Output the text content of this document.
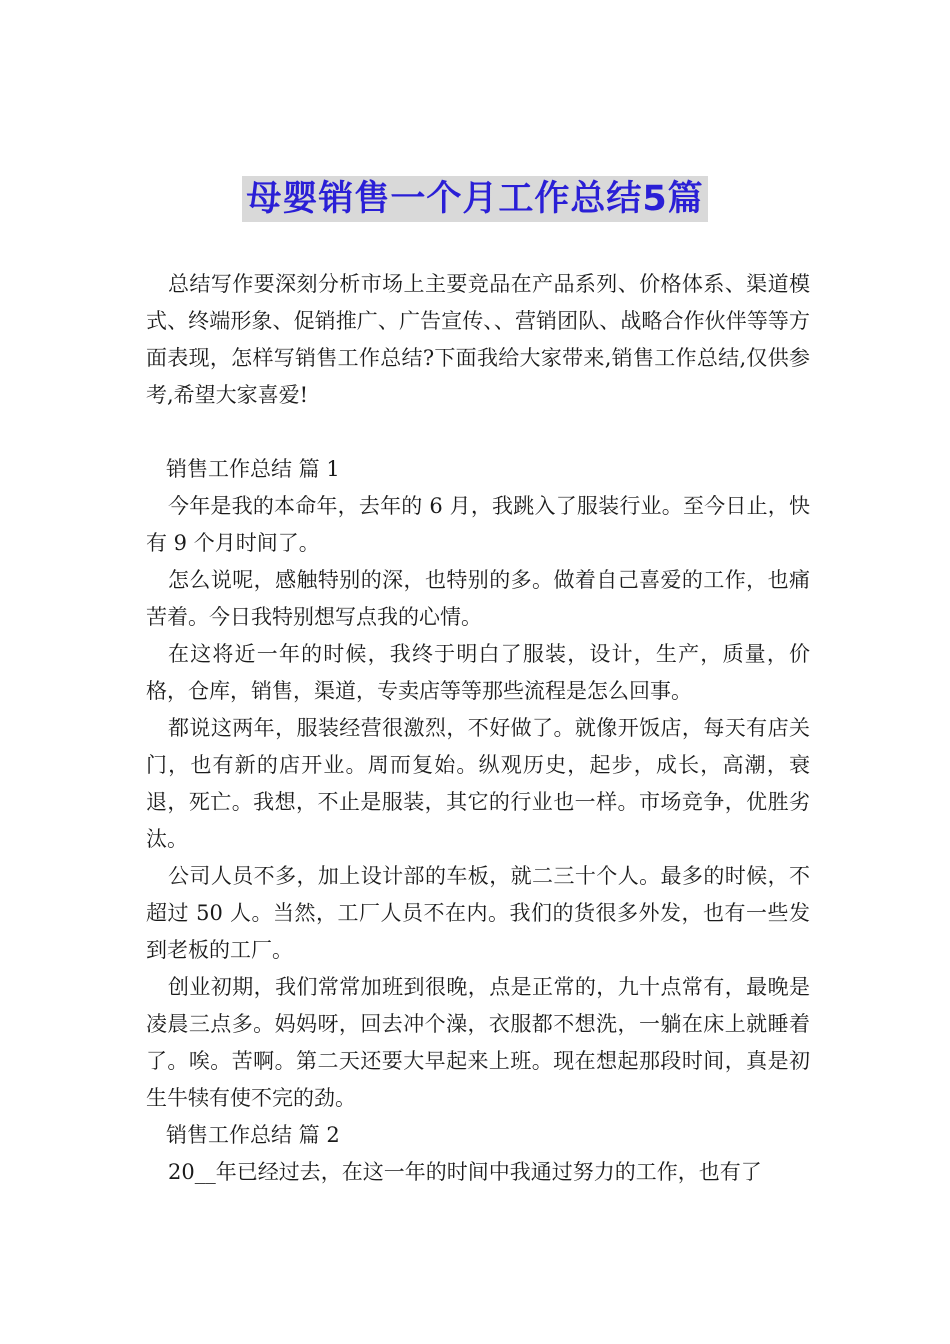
母婴销售一个月工作总结5篇

总结写作要深刻分析市场上主要竞品在产品系列、价格体系、渠道模式、终端形象、促销推广、广告宣传、、营销团队、战略合作伙伴等等方面表现，怎样写销售工作总结?下面我给大家带来,销售工作总结,仅供参考,希望大家喜爱!

销售工作总结 篇 1

今年是我的本命年，去年的 6 月，我跳入了服装行业。至今日止，快有 9 个月时间了。

怎么说呢，感触特别的深，也特别的多。做着自己喜爱的工作，也痛苦着。今日我特别想写点我的心情。

在这将近一年的时候，我终于明白了服装，设计，生产，质量，价格，仓库，销售，渠道，专卖店等等那些流程是怎么回事。

都说这两年，服装经营很激烈，不好做了。就像开饭店，每天有店关门，也有新的店开业。周而复始。纵观历史，起步，成长，高潮，衰退，死亡。我想，不止是服装，其它的行业也一样。市场竞争，优胜劣汰。

公司人员不多，加上设计部的车板，就二三十个人。最多的时候，不超过 50 人。当然，工厂人员不在内。我们的货很多外发，也有一些发到老板的工厂。

创业初期，我们常常加班到很晚，点是正常的，九十点常有，最晚是凌晨三点多。妈妈呀，回去冲个澡，衣服都不想洗，一躺在床上就睡着了。唉。苦啊。第二天还要大早起来上班。现在想起那段时间，真是初生牛犊有使不完的劲。

销售工作总结 篇 2

20__年已经过去，在这一年的时间中我通过努力的工作，也有了
